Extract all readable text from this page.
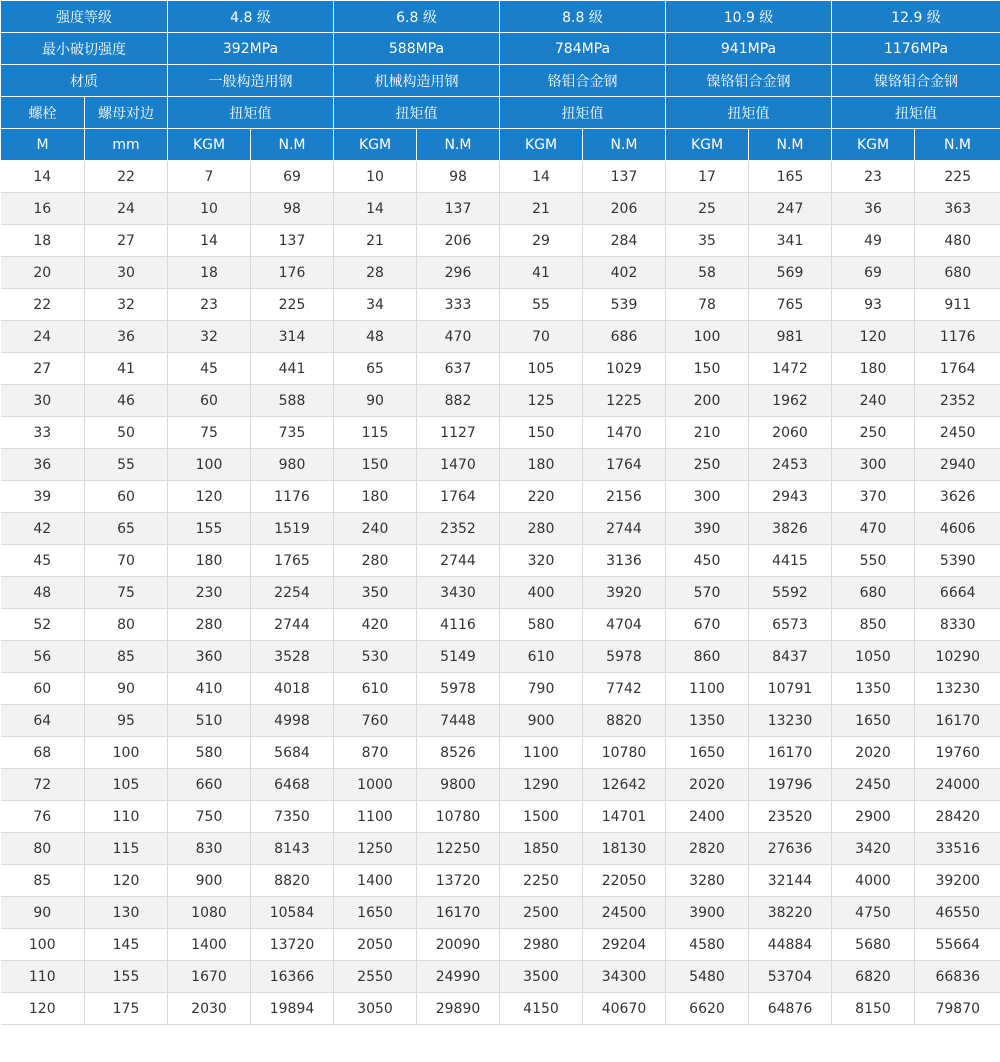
强度等级		4.8 级		6.8 级		8.8 级		10.9 级		12.9 级	
最小破切强度		392MPa		588MPa		784MPa		941MPa		1176MPa	
材质		一般构造用钢		机械构造用钢		铬钼合金钢		镍铬钼合金钢		镍铬钼合金钢	
螺栓	螺母对边	扭矩值		扭矩值		扭矩值		扭矩值		扭矩值	
M	mm	KGM	N.M	KGM	N.M	KGM	N.M	KGM	N.M	KGM	N.M
14	22	7	69	10	98	14	137	17	165	23	225
16	24	10	98	14	137	21	206	25	247	36	363
18	27	14	137	21	206	29	284	35	341	49	480
20	30	18	176	28	296	41	402	58	569	69	680
22	32	23	225	34	333	55	539	78	765	93	911
24	36	32	314	48	470	70	686	100	981	120	1176
27	41	45	441	65	637	105	1029	150	1472	180	1764
30	46	60	588	90	882	125	1225	200	1962	240	2352
33	50	75	735	115	1127	150	1470	210	2060	250	2450
36	55	100	980	150	1470	180	1764	250	2453	300	2940
39	60	120	1176	180	1764	220	2156	300	2943	370	3626
42	65	155	1519	240	2352	280	2744	390	3826	470	4606
45	70	180	1765	280	2744	320	3136	450	4415	550	5390
48	75	230	2254	350	3430	400	3920	570	5592	680	6664
52	80	280	2744	420	4116	580	4704	670	6573	850	8330
56	85	360	3528	530	5149	610	5978	860	8437	1050	10290
60	90	410	4018	610	5978	790	7742	1100	10791	1350	13230
64	95	510	4998	760	7448	900	8820	1350	13230	1650	16170
68	100	580	5684	870	8526	1100	10780	1650	16170	2020	19760
72	105	660	6468	1000	9800	1290	12642	2020	19796	2450	24000
76	110	750	7350	1100	10780	1500	14701	2400	23520	2900	28420
80	115	830	8143	1250	12250	1850	18130	2820	27636	3420	33516
85	120	900	8820	1400	13720	2250	22050	3280	32144	4000	39200
90	130	1080	10584	1650	16170	2500	24500	3900	38220	4750	46550
100	145	1400	13720	2050	20090	2980	29204	4580	44884	5680	55664
110	155	1670	16366	2550	24990	3500	34300	5480	53704	6820	66836
120	175	2030	19894	3050	29890	4150	40670	6620	64876	8150	79870
